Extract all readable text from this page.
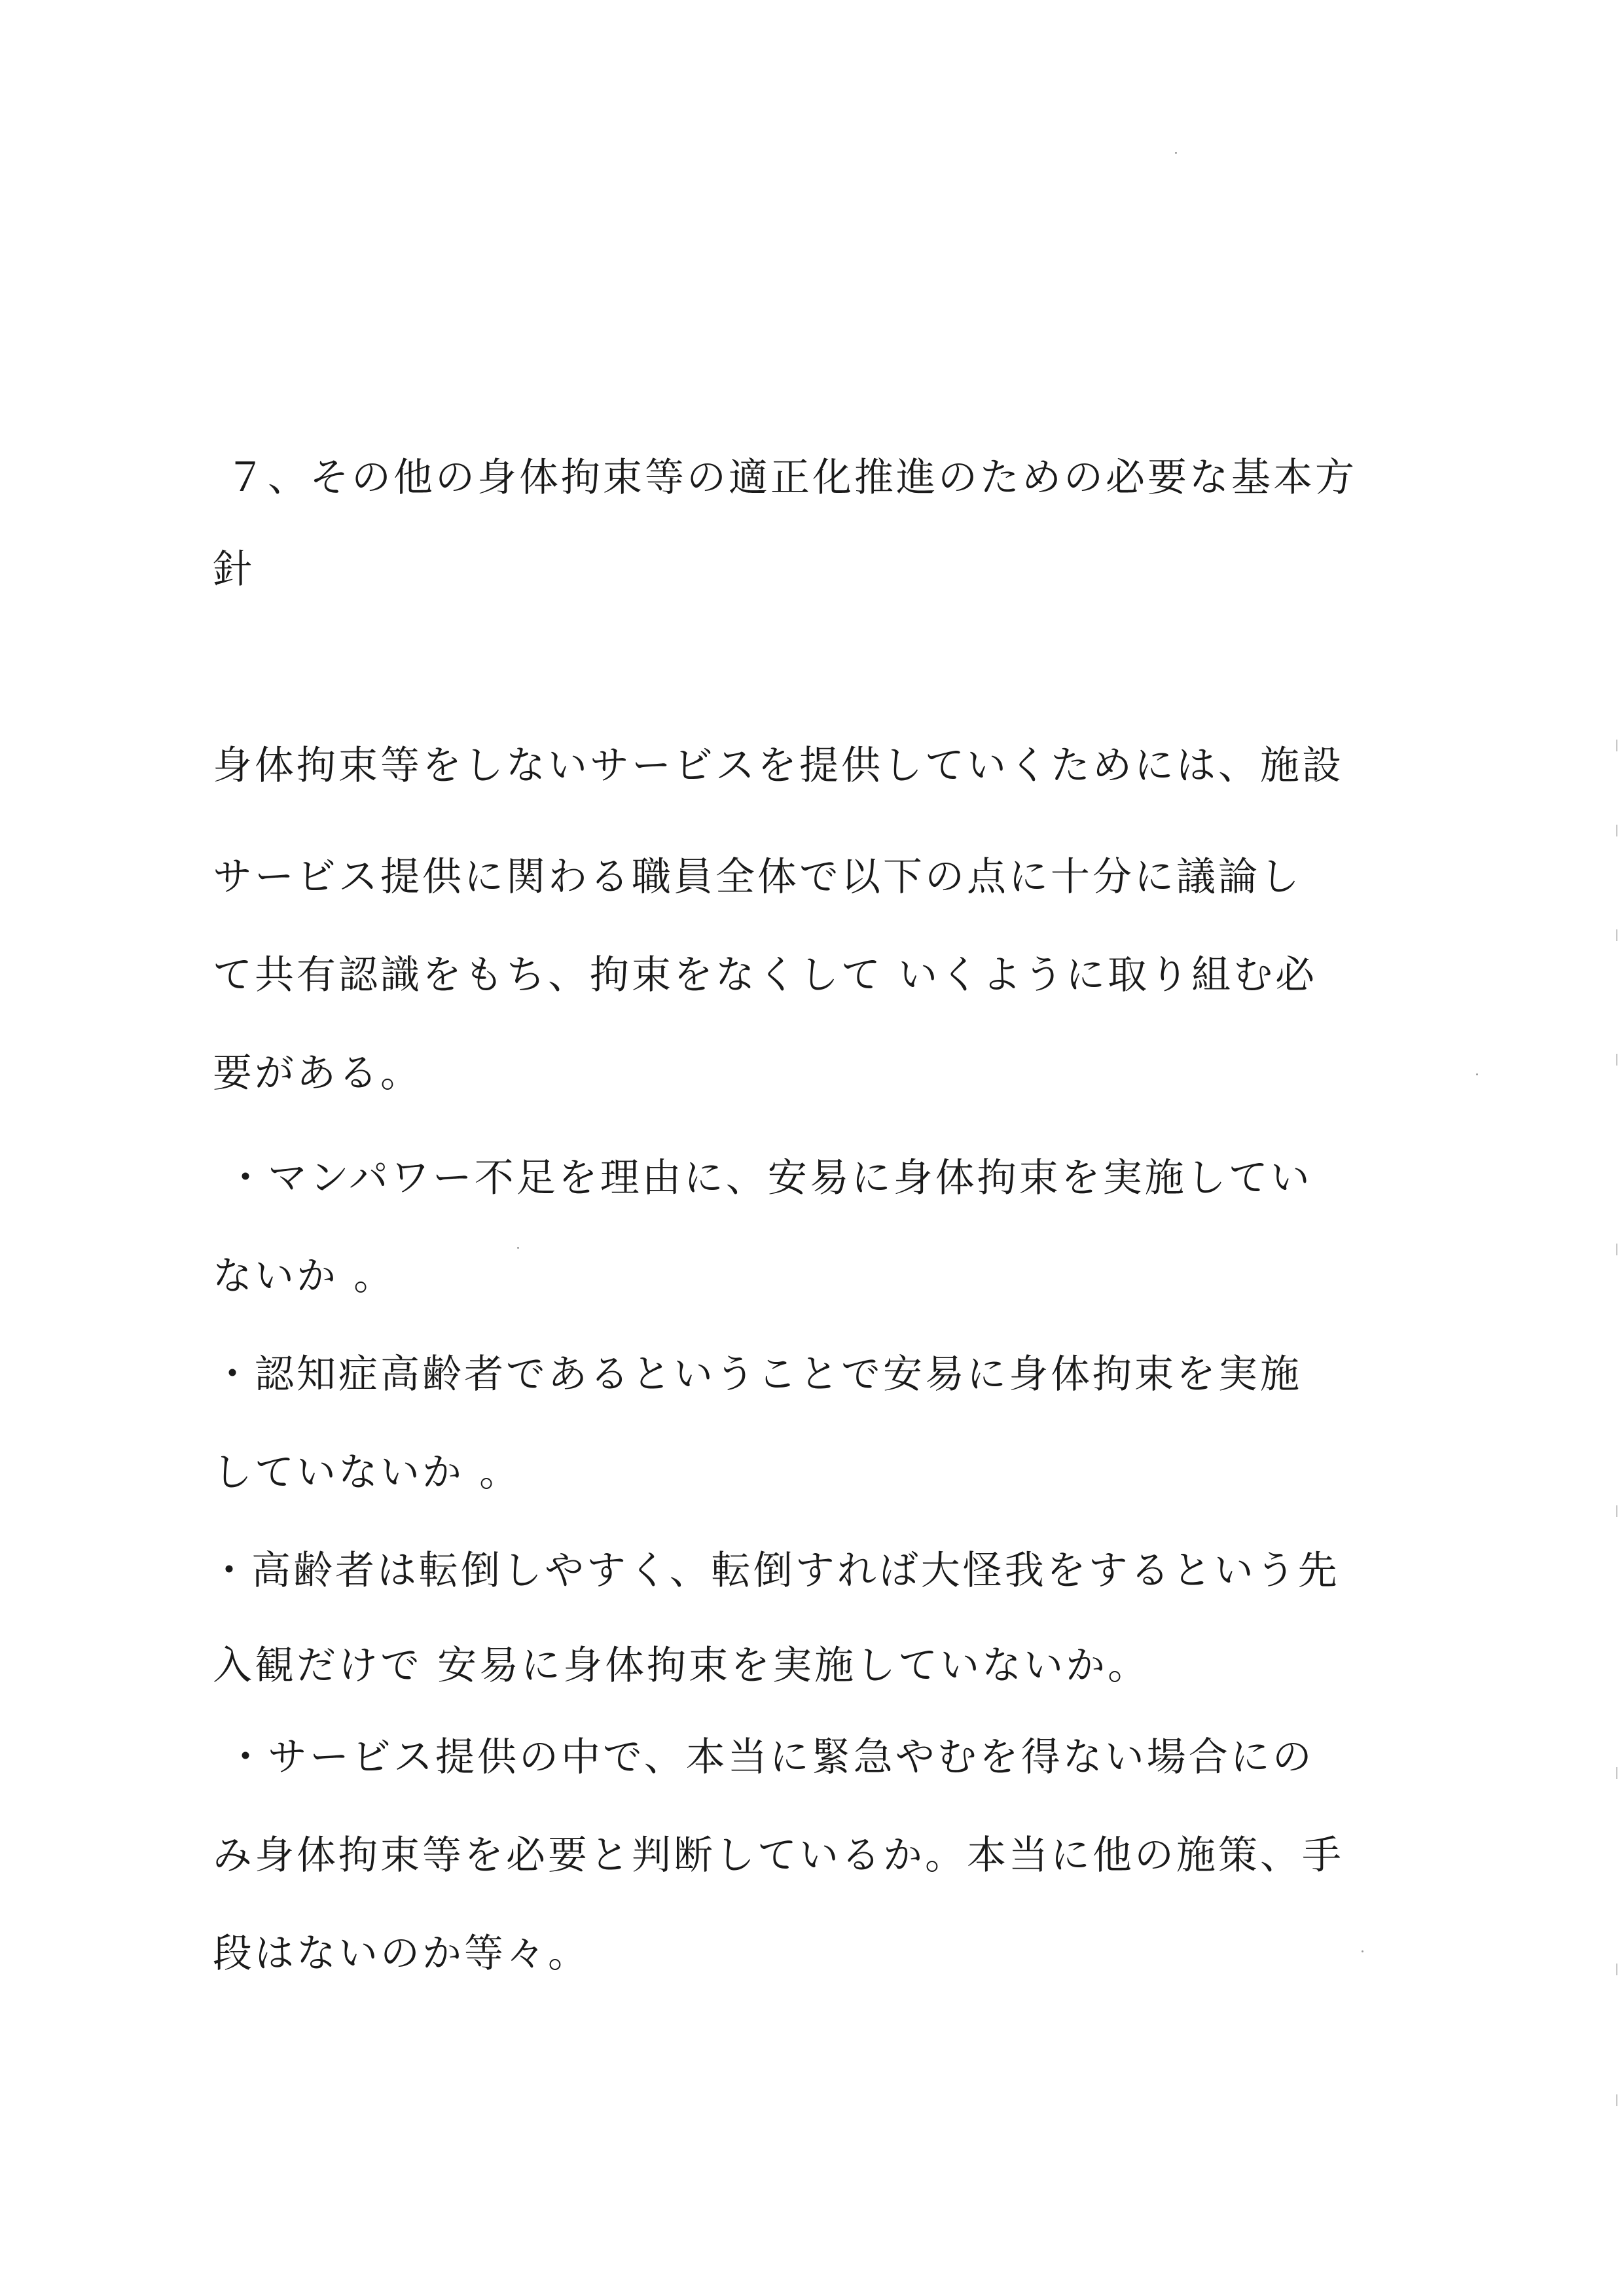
７、その他の身体拘束等の適正化推進のための必要な基本方
針
身体拘束等をしないサービスを提供していくためには、施設
サービス提供に関わる職員全体で以下の点に十分に議論し
て共有認識をもち、拘束をなくして いくように取り組む必
要がある。
・マンパワー不足を理由に、安易に身体拘束を実施してい
ないか 。
・認知症高齢者であるということで安易に身体拘束を実施
していないか 。
・高齢者は転倒しやすく、転倒すれば大怪我をするという先
入観だけで 安易に身体拘束を実施していないか。
・サービス提供の中で、本当に緊急やむを得ない場合にの
み身体拘束等を必要と判断しているか。本当に他の施策、手
段はないのか等々。
